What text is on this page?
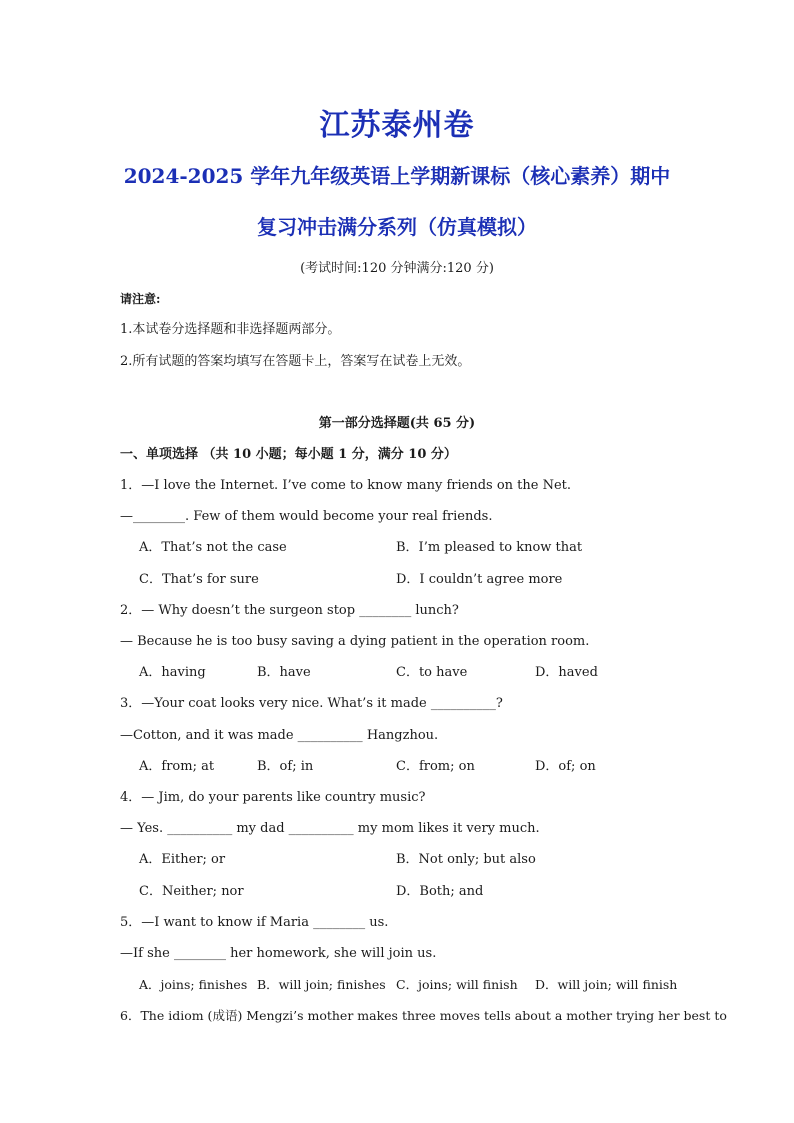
江苏泰州卷
2024-2025 学年九年级英语上学期新课标（核心素养）期中
复习冲击满分系列（仿真模拟）
(考试时间:120 分钟满分:120 分)
请注意:
1.本试卷分选择题和非选择题两部分。
2.所有试题的答案均填写在答题卡上，答案写在试卷上无效。
第一部分选择题(共 65 分)
一、单项选择 （共 10 小题；每小题 1 分，满分 10 分）
1．—I love the Internet. I’ve come to know many friends on the Net.
—________. Few of them would become your real friends.
A．That’s not the case	B．I’m pleased to know that
C．That’s for sure	D．I couldn’t agree more
2．— Why doesn’t the surgeon stop ________ lunch?
— Because he is too busy saving a dying patient in the operation room.
A．having	B．have	C．to have	D．haved
3．—Your coat looks very nice. What’s it made __________?
—Cotton, and it was made __________ Hangzhou.
A．from; at	B．of; in	C．from; on	D．of; on
4．— Jim, do your parents like country music?
— Yes. __________ my dad __________ my mom likes it very much.
A．Either; or	B．Not only; but also
C．Neither; nor	D．Both; and
5．—I want to know if Maria ________ us.
—If she ________ her homework, she will join us.
A．joins; finishes B．will join; finishes C．joins; will finish D．will join; will finish
6．The idiom (成语) Mengzi’s mother makes three moves tells about a mother trying her best to
